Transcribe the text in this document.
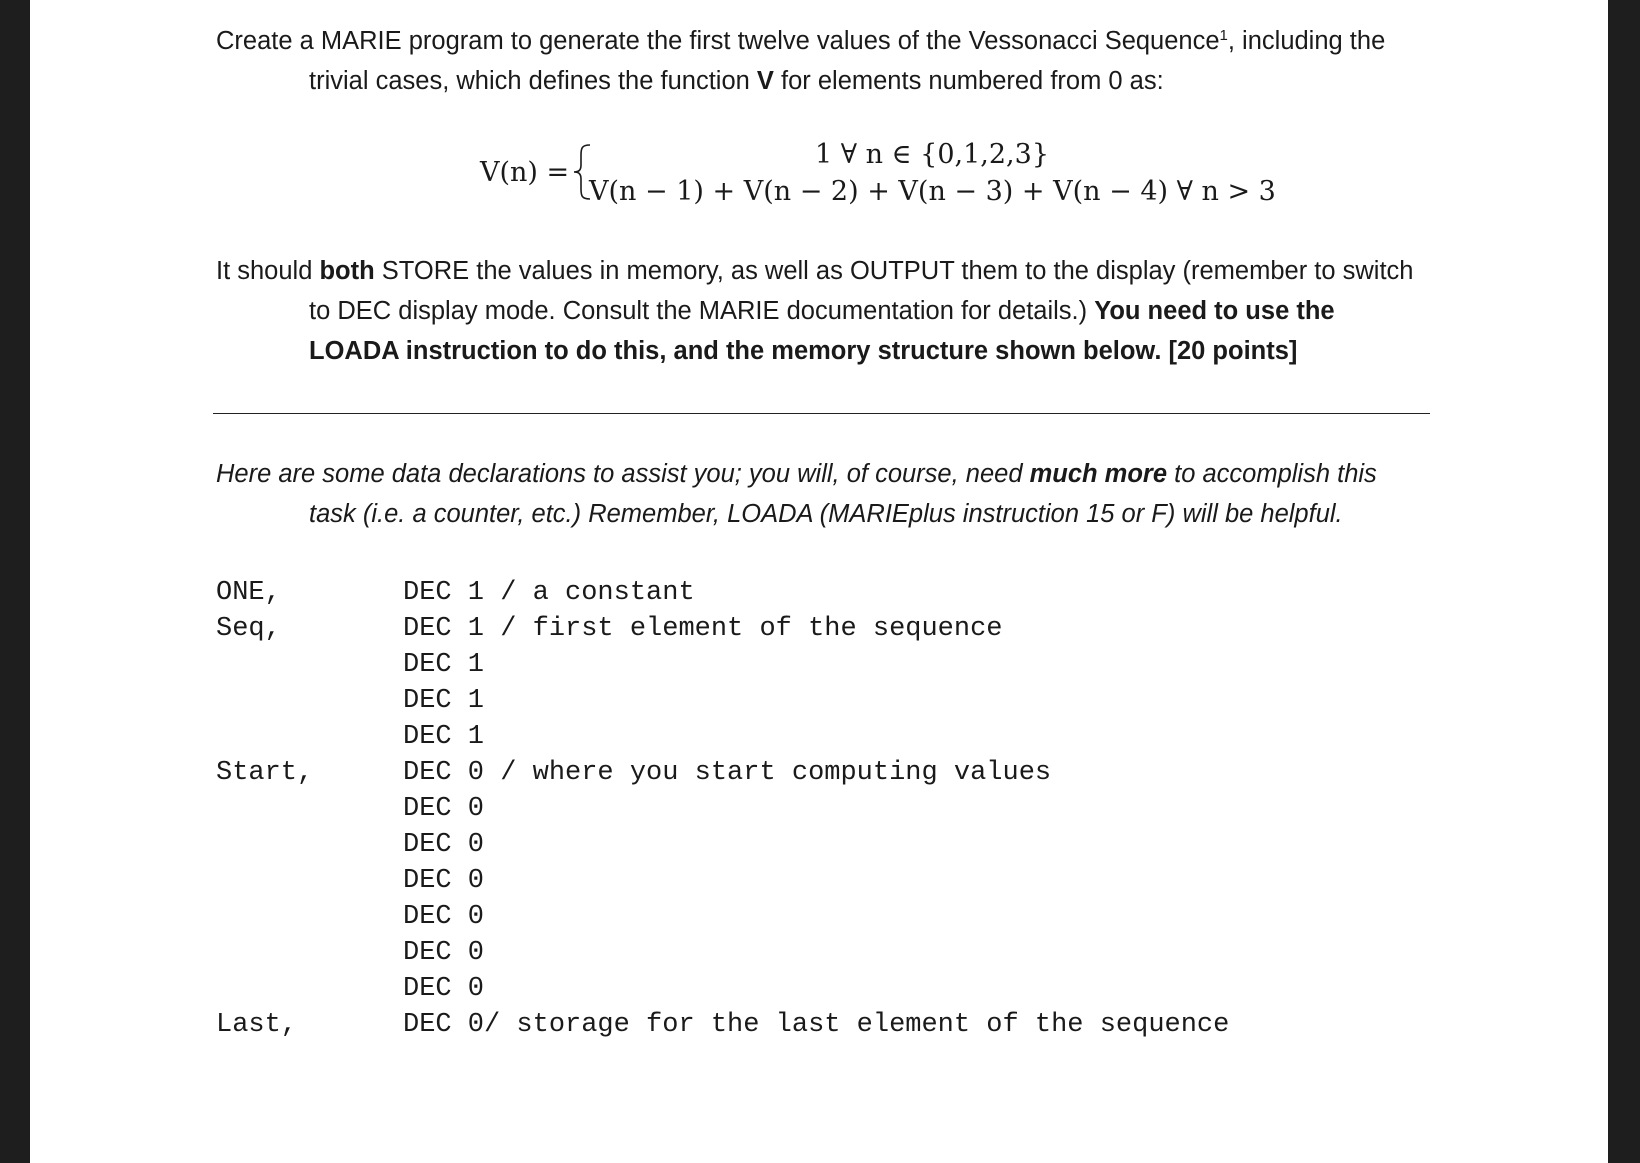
Create a MARIE program to generate the first twelve values of the Vessonacci Sequence$^1$, including the
trivial cases, which defines the function V for elements numbered from 0 as:
V(n) =
1 ∀ n ∈ {0,1,2,3}
V(n − 1) + V(n − 2) + V(n − 3) + V(n − 4) ∀ n > 3
It should both STORE the values in memory, as well as OUTPUT them to the display (remember to switch
to DEC display mode. Consult the MARIE documentation for details.) You need to use the
LOADA instruction to do this, and the memory structure shown below. [20 points]
Here are some data declarations to assist you; you will, of course, need much more to accomplish this
task (i.e. a counter, etc.) Remember, LOADA (MARIEplus instruction 15 or F) will be helpful.
ONE,	DEC 1 / a constant
Seq,	DEC 1 / first element of the sequence
DEC 1
DEC 1
DEC 1
Start,	DEC 0 / where you start computing values
DEC 0
DEC 0
DEC 0
DEC 0
DEC 0
DEC 0
Last,	DEC 0/ storage for the last element of the sequence
